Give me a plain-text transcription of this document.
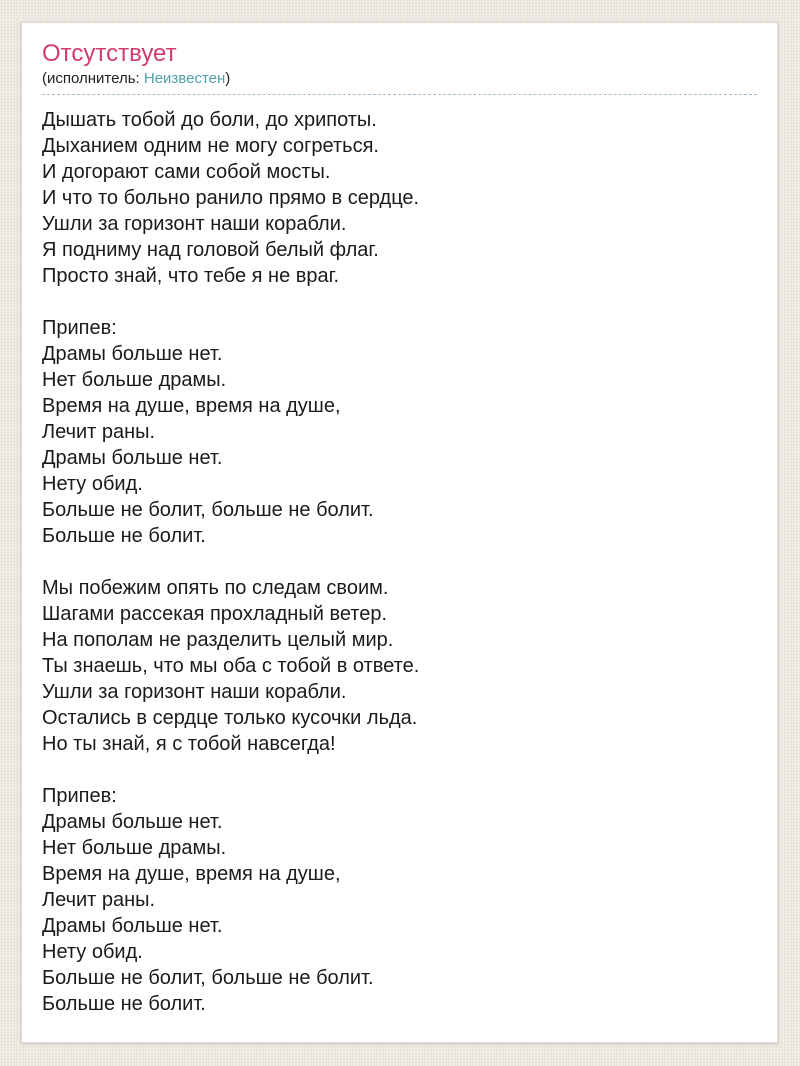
Отсутствует
(исполнитель: Неизвестен)
Дышать тобой до боли, до хрипоты.
Дыханием одним не могу согреться.
И догорают сами собой мосты.
И что то больно ранило прямо в сердце.
Ушли за горизонт наши корабли.
Я подниму над головой белый флаг.
Просто знай, что тебе я не враг.

Припев:
Драмы больше нет.
Нет больше драмы.
Время на душе, время на душе,
Лечит раны.
Драмы больше нет.
Нету обид.
Больше не болит, больше не болит.
Больше не болит.

Мы побежим опять по следам своим.
Шагами рассекая прохладный ветер.
На пополам не разделить целый мир.
Ты знаешь, что мы оба с тобой в ответе.
Ушли за горизонт наши корабли.
Остались в сердце только кусочки льда.
Но ты знай, я с тобой навсегда!

Припев:
Драмы больше нет.
Нет больше драмы.
Время на душе, время на душе,
Лечит раны.
Драмы больше нет.
Нету обид.
Больше не болит, больше не болит.
Больше не болит.
